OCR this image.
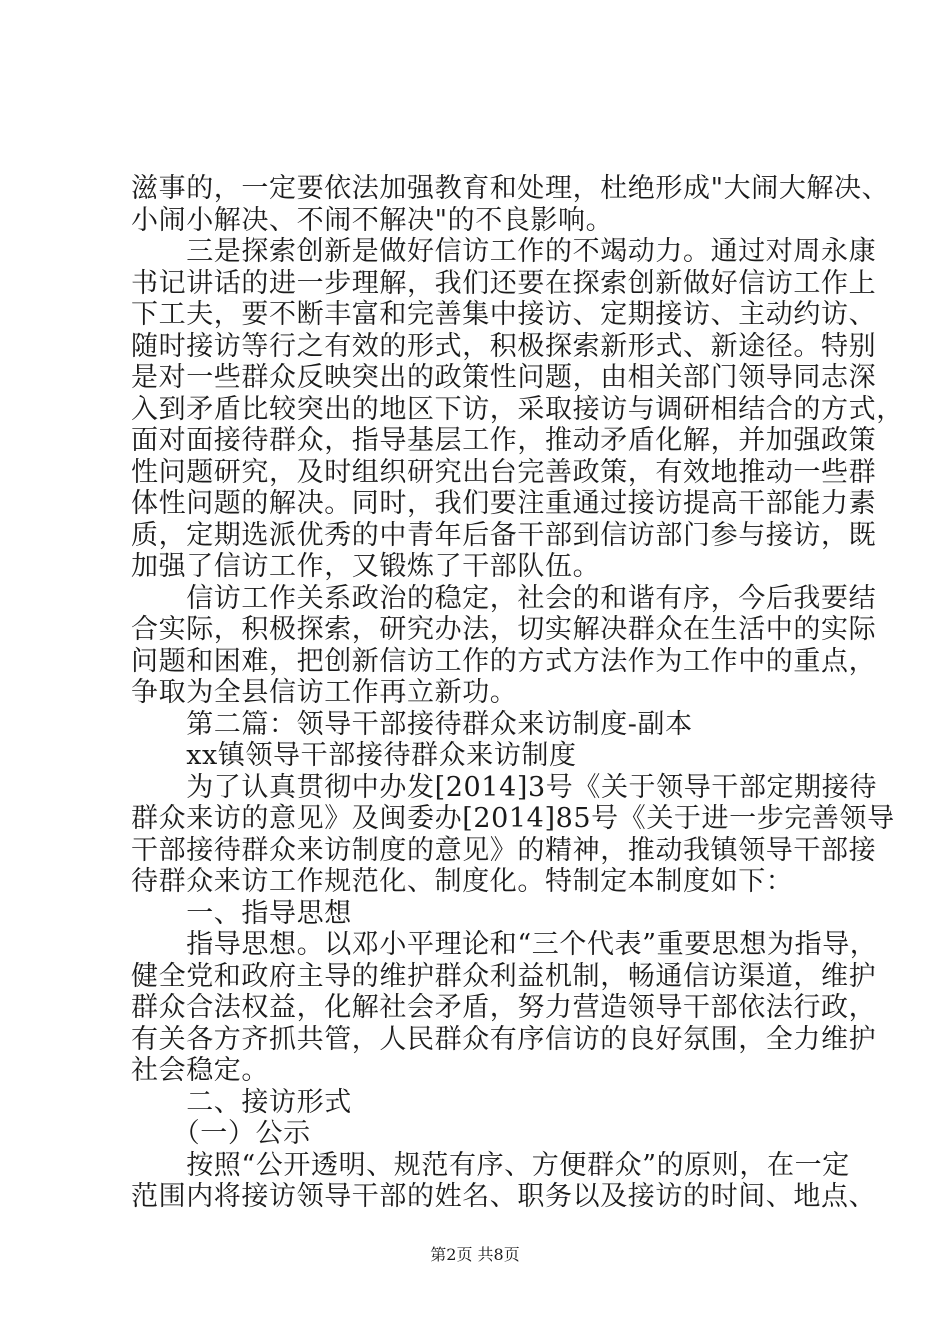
滋事的，一定要依法加强教育和处理，杜绝形成"大闹大解决、
小闹小解决、不闹不解决"的不良影响。
　　三是探索创新是做好信访工作的不竭动力。通过对周永康
书记讲话的进一步理解，我们还要在探索创新做好信访工作上
下工夫，要不断丰富和完善集中接访、定期接访、主动约访、
随时接访等行之有效的形式，积极探索新形式、新途径。特别
是对一些群众反映突出的政策性问题，由相关部门领导同志深
入到矛盾比较突出的地区下访，采取接访与调研相结合的方式，
面对面接待群众，指导基层工作，推动矛盾化解，并加强政策
性问题研究，及时组织研究出台完善政策，有效地推动一些群
体性问题的解决。同时，我们要注重通过接访提高干部能力素
质，定期选派优秀的中青年后备干部到信访部门参与接访，既
加强了信访工作，又锻炼了干部队伍。
　　信访工作关系政治的稳定，社会的和谐有序，今后我要结
合实际，积极探索，研究办法，切实解决群众在生活中的实际
问题和困难，把创新信访工作的方式方法作为工作中的重点，
争取为全县信访工作再立新功。
　　第二篇：领导干部接待群众来访制度-副本
　　xx镇领导干部接待群众来访制度
　　为了认真贯彻中办发[2014]3号《关于领导干部定期接待
群众来访的意见》及闽委办[2014]85号《关于进一步完善领导
干部接待群众来访制度的意见》的精神，推动我镇领导干部接
待群众来访工作规范化、制度化。特制定本制度如下：
　　一、指导思想
　　指导思想。以邓小平理论和“三个代表”重要思想为指导，
健全党和政府主导的维护群众利益机制，畅通信访渠道，维护
群众合法权益，化解社会矛盾，努力营造领导干部依法行政，
有关各方齐抓共管，人民群众有序信访的良好氛围，全力维护
社会稳定。
　　二、接访形式
　　（一）公示
　　按照“公开透明、规范有序、方便群众”的原则，在一定
范围内将接访领导干部的姓名、职务以及接访的时间、地点、
第2页 共8页
